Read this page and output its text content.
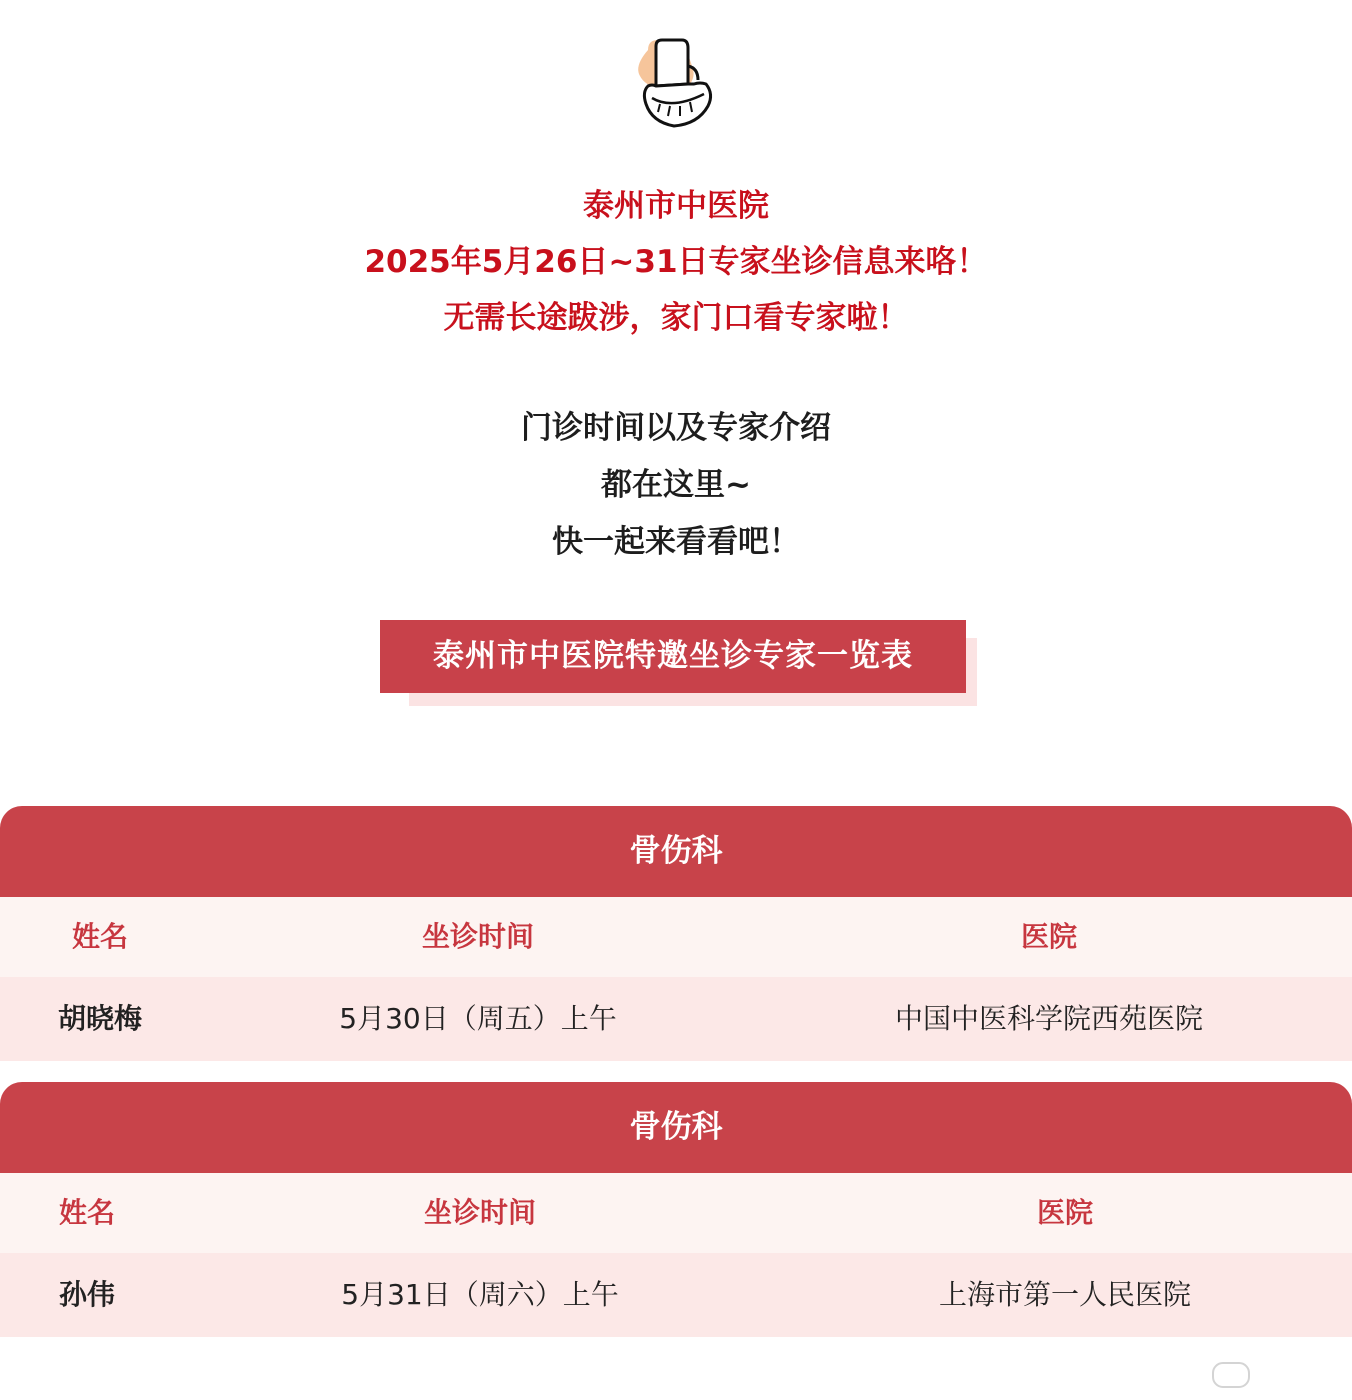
泰州市中医院
2025年5月26日~31日专家坐诊信息来咯！
无需长途跋涉，家门口看专家啦！
门诊时间以及专家介绍
都在这里~
快一起来看看吧！
泰州市中医院特邀坐诊专家一览表
骨伤科
姓名	坐诊时间	医院
胡晓梅	5月30日（周五）上午	中国中医科学院西苑医院
骨伤科
姓名	坐诊时间	医院
孙伟	5月31日（周六）上午	上海市第一人民医院
